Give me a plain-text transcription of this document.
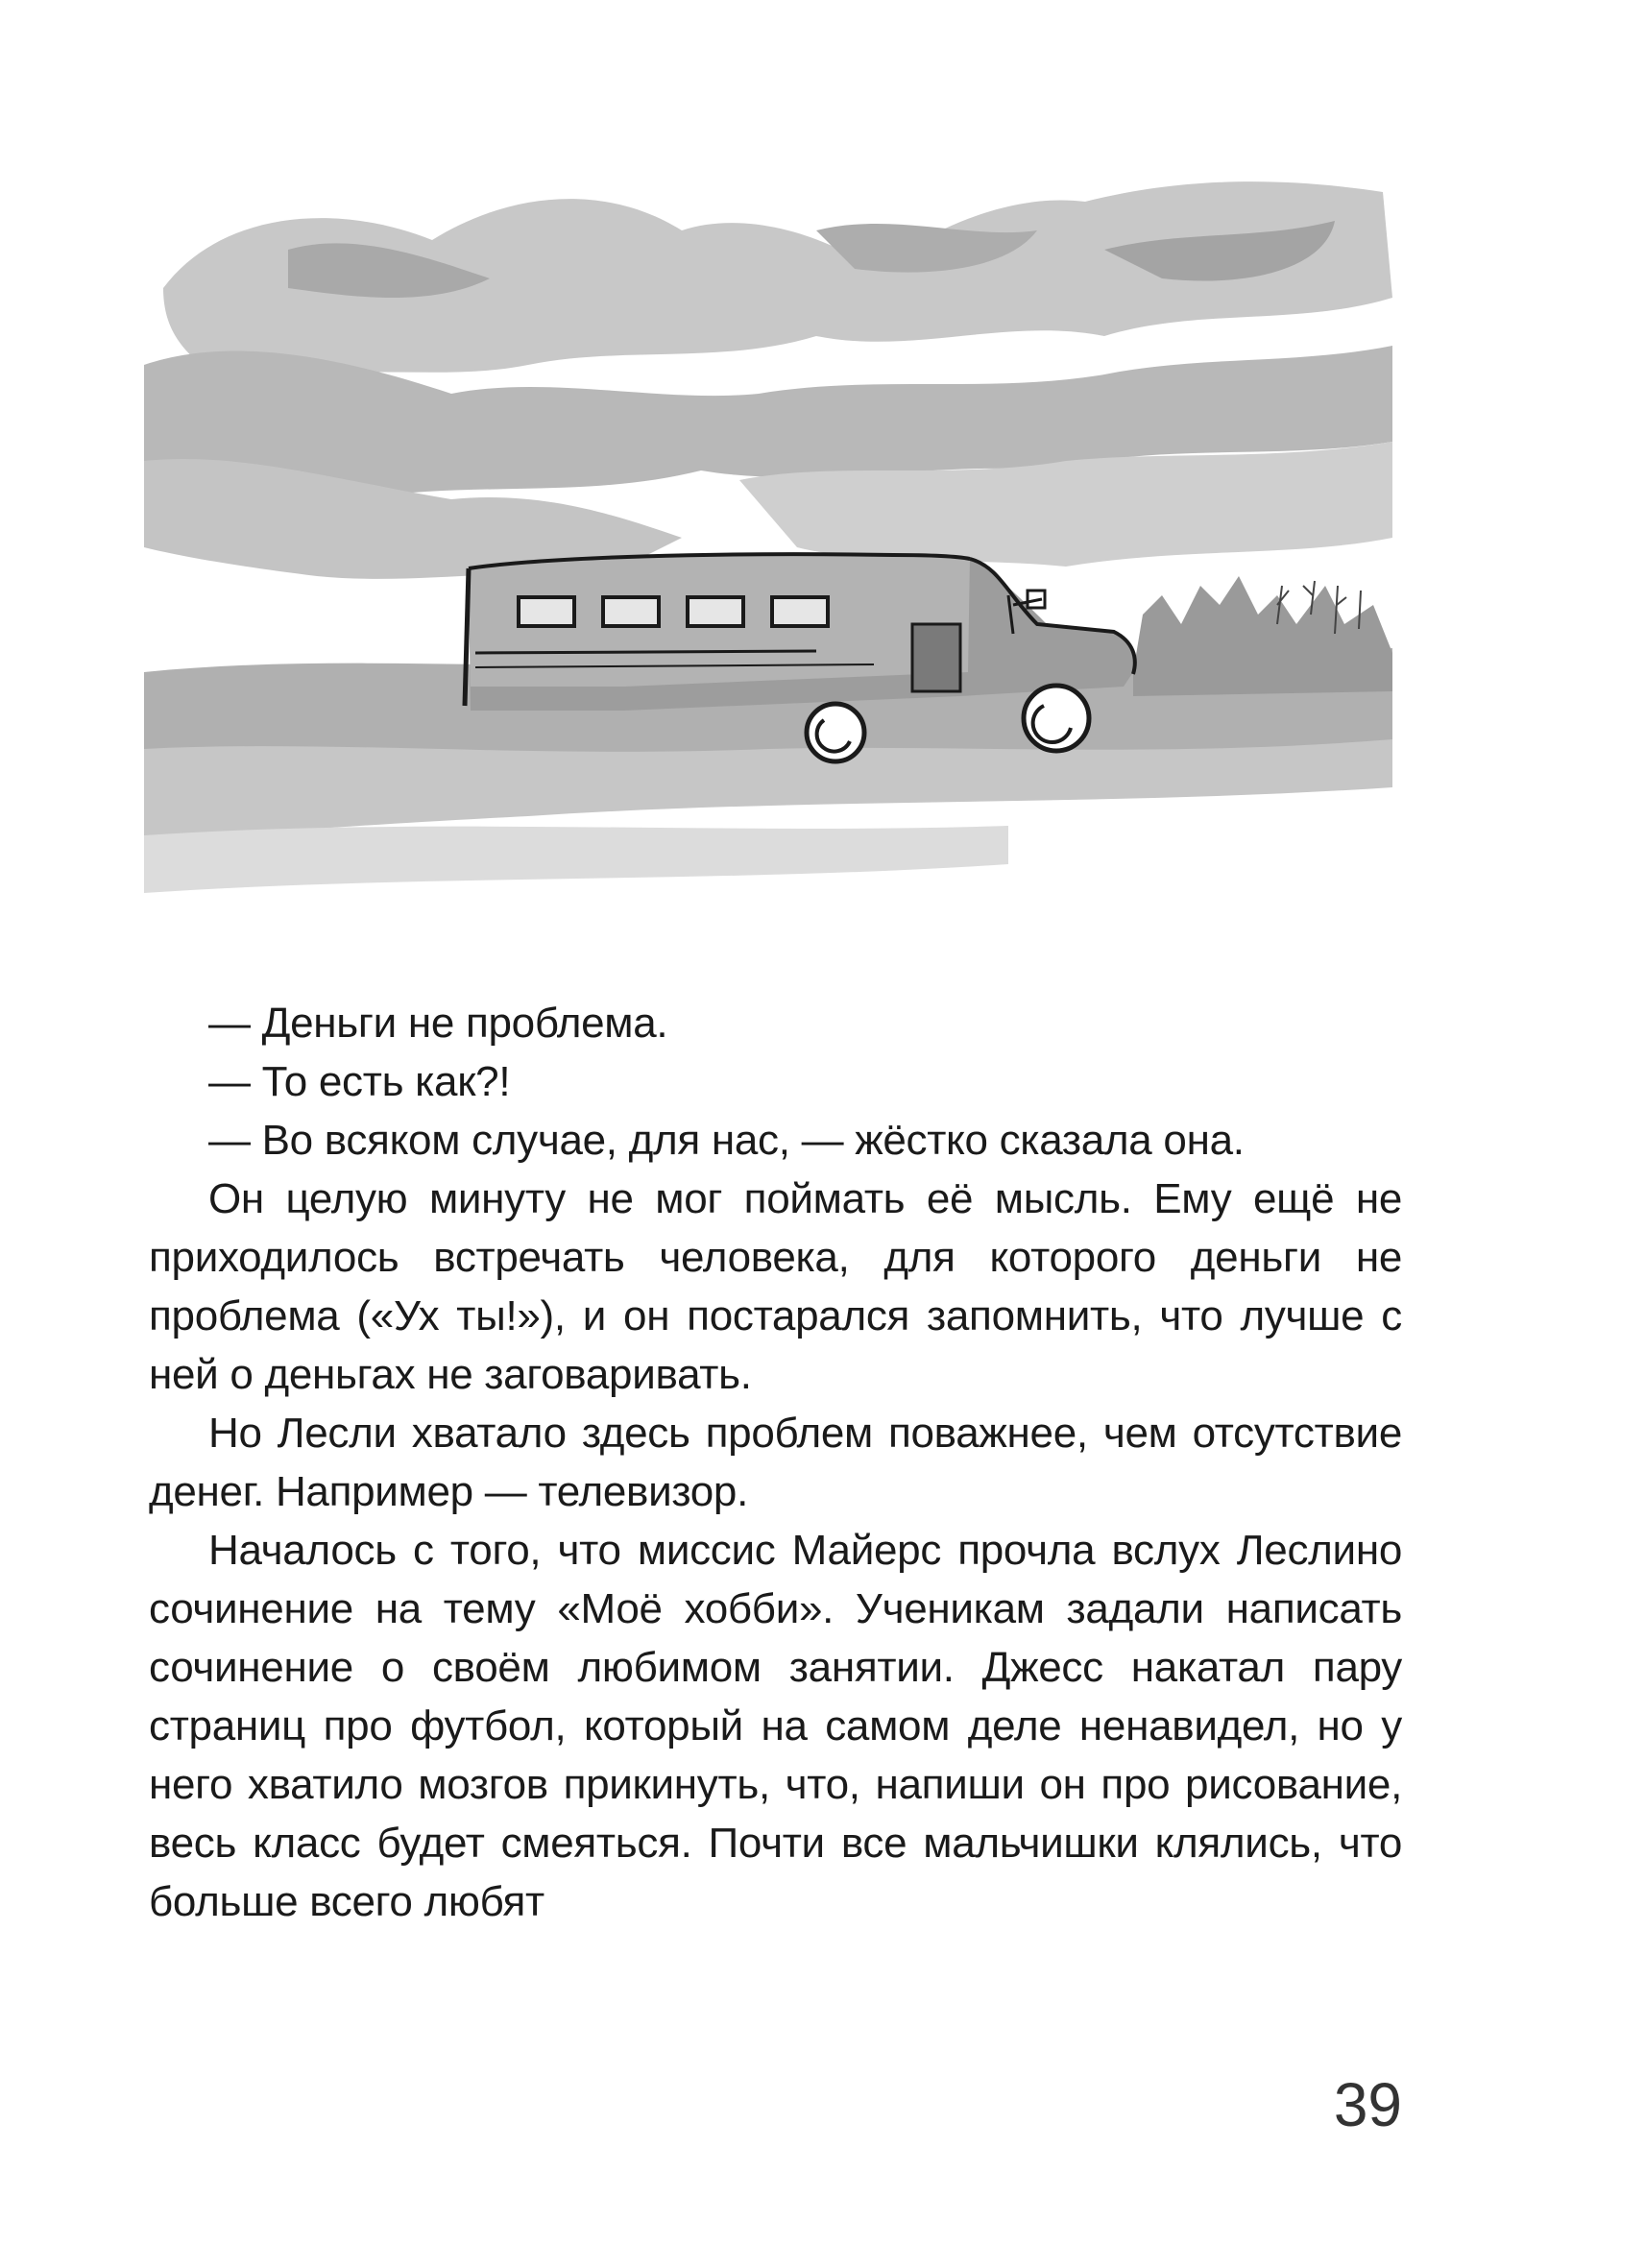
— Деньги не проблема.

— То есть как?!

— Во всяком случае, для нас, — жёстко сказала она.

Он целую минуту не мог поймать её мысль. Ему ещё не приходилось встречать человека, для которого деньги не проблема («Ух ты!»), и он постарался запомнить, что лучше с ней о деньгах не заговаривать.

Но Лесли хватало здесь проблем поважнее, чем отсутствие денег. Например — телевизор.

Началось с того, что миссис Майерс прочла вслух Леслино сочинение на тему «Моё хобби». Ученикам задали написать сочинение о своём любимом занятии. Джесс накатал пару страниц про футбол, который на самом деле ненавидел, но у него хватило мозгов прикинуть, что, напиши он про рисование, весь класс будет смеяться. Почти все мальчишки клялись, что больше всего любят

39
